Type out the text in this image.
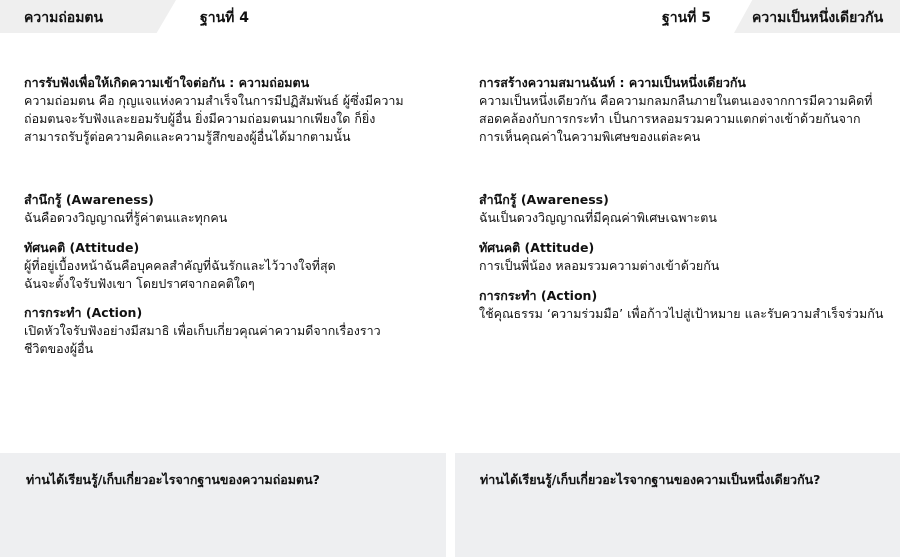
ความถ่อมตน	ฐานที่ 4	ฐานที่ 5	ความเป็นหนึ่งเดียวกัน
การรับฟังเพื่อให้เกิดความเข้าใจต่อกัน : ความถ่อมตน
ความถ่อมตน คือ กุญแจแห่งความสำเร็จในการมีปฏิสัมพันธ์ ผู้ซึ่งมีความ
ถ่อมตนจะรับฟังและยอมรับผู้อื่น ยิ่งมีความถ่อมตนมากเพียงใด ก็ยิ่ง
สามารถรับรู้ต่อความคิดและความรู้สึกของผู้อื่นได้มากตามนั้น
สำนึกรู้ (Awareness)
ฉันคือดวงวิญญาณที่รู้ค่าตนและทุกคน
ทัศนคติ (Attitude)
ผู้ที่อยู่เบื้องหน้าฉันคือบุคคลสำคัญที่ฉันรักและไว้วางใจที่สุด
ฉันจะตั้งใจรับฟังเขา โดยปราศจากอคติใดๆ
การกระทำ (Action)
เปิดหัวใจรับฟังอย่างมีสมาธิ เพื่อเก็บเกี่ยวคุณค่าความดีจากเรื่องราว
ชีวิตของผู้อื่น
การสร้างความสมานฉันท์ : ความเป็นหนึ่งเดียวกัน
ความเป็นหนึ่งเดียวกัน คือความกลมกลืนภายในตนเองจากการมีความคิดที่
สอดคล้องกับการกระทำ เป็นการหลอมรวมความแตกต่างเข้าด้วยกันจาก
การเห็นคุณค่าในความพิเศษของแต่ละคน
สำนึกรู้ (Awareness)
ฉันเป็นดวงวิญญาณที่มีคุณค่าพิเศษเฉพาะตน
ทัศนคติ (Attitude)
การเป็นพี่น้อง หลอมรวมความต่างเข้าด้วยกัน
การกระทำ (Action)
ใช้คุณธรรม ‘ความร่วมมือ’ เพื่อก้าวไปสู่เป้าหมาย และรับความสำเร็จร่วมกัน
ท่านได้เรียนรู้/เก็บเกี่ยวอะไรจากฐานของความถ่อมตน?	ท่านได้เรียนรู้/เก็บเกี่ยวอะไรจากฐานของความเป็นหนึ่งเดียวกัน?
